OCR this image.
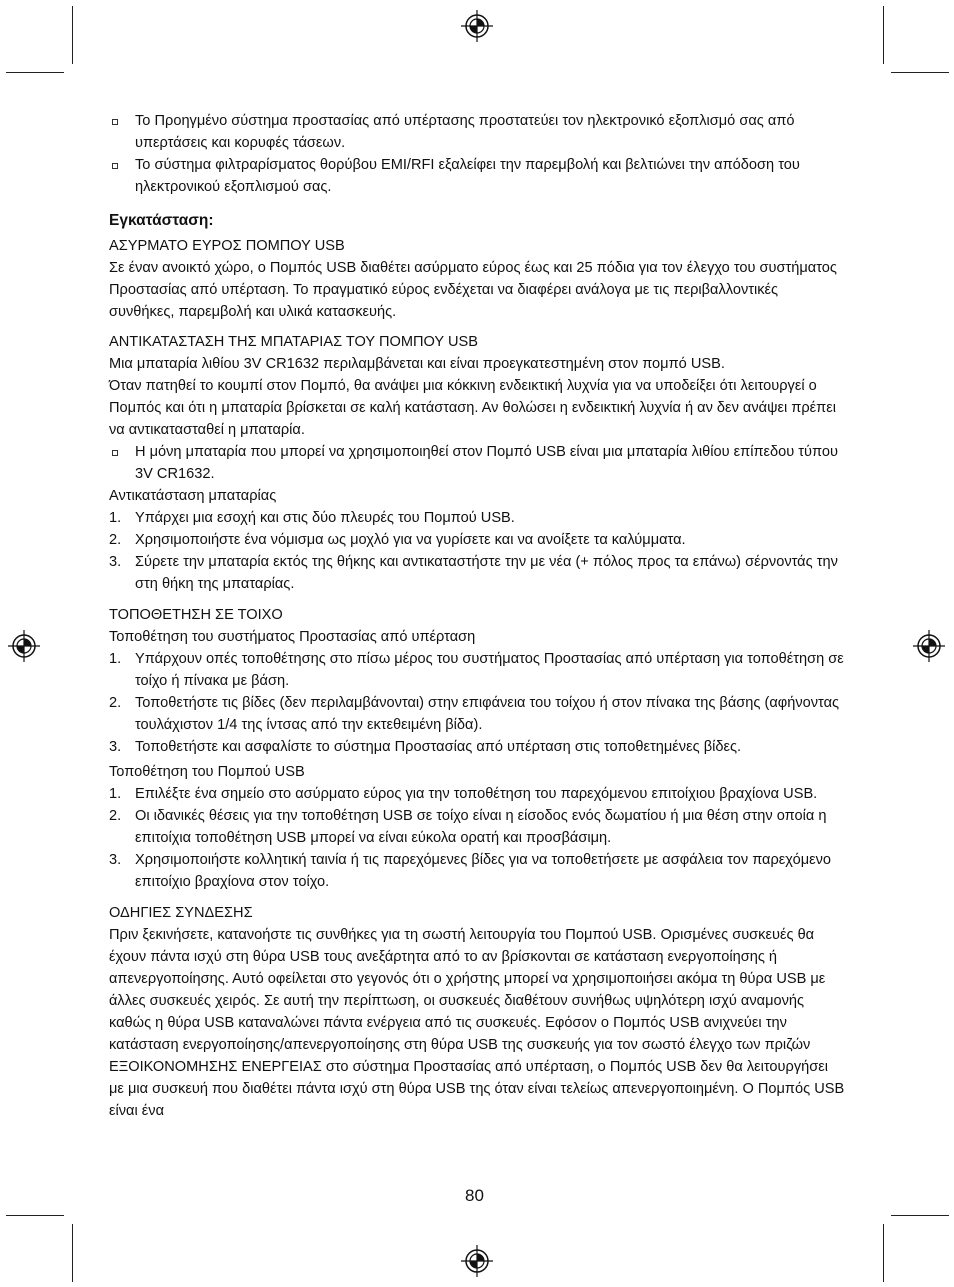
Το Προηγμένο σύστημα προστασίας από υπέρτασης προστατεύει τον ηλεκτρονικό εξοπλισμό σας από υπερτάσεις και κορυφές τάσεων.
Το σύστημα φιλτραρίσματος θορύβου EMI/RFI εξαλείφει την παρεμβολή και βελτιώνει την απόδοση του ηλεκτρονικού εξοπλισμού σας.
Εγκατάσταση:

ΑΣΥΡΜΑΤΟ ΕΥΡΟΣ ΠΟΜΠΟΥ USB

Σε έναν ανοικτό χώρο, ο Πομπός USB διαθέτει ασύρματο εύρος έως και 25 πόδια για τον έλεγχο του συστήματος Προστασίας από υπέρταση. Το πραγματικό εύρος ενδέχεται να διαφέρει ανάλογα με τις περιβαλλοντικές συνθήκες, παρεμβολή και υλικά κατασκευής.

ΑΝΤΙΚΑΤΑΣΤΑΣΗ ΤΗΣ ΜΠΑΤΑΡΙΑΣ ΤΟΥ ΠΟΜΠΟΥ USB

Μια μπαταρία λιθίου 3V CR1632 περιλαμβάνεται και είναι προεγκατεστημένη στον πομπό USB.

Όταν πατηθεί το κουμπί στον Πομπό, θα ανάψει μια κόκκινη ενδεικτική λυχνία για να υποδείξει ότι λειτουργεί ο Πομπός και ότι η μπαταρία βρίσκεται σε καλή κατάσταση. Αν θολώσει η ενδεικτική λυχνία ή αν δεν ανάψει πρέπει να αντικατασταθεί η μπαταρία.

Η μόνη μπαταρία που μπορεί να χρησιμοποιηθεί στον Πομπό USB είναι μια μπαταρία λιθίου επίπεδου τύπου 3V CR1632.

Αντικατάσταση μπαταρίας

1. Υπάρχει μια εσοχή και στις δύο πλευρές του Πομπού USB.
2. Χρησιμοποιήστε ένα νόμισμα ως μοχλό για να γυρίσετε και να ανοίξετε τα καλύμματα.
3. Σύρετε την μπαταρία εκτός της θήκης και αντικαταστήστε την με νέα (+ πόλος προς τα επάνω) σέρνοντάς την στη θήκη της μπαταρίας.

ΤΟΠΟΘΕΤΗΣΗ ΣΕ ΤΟΙΧΟ

Τοποθέτηση του συστήματος Προστασίας από υπέρταση

1. Υπάρχουν οπές τοποθέτησης στο πίσω μέρος του συστήματος Προστασίας από υπέρταση για τοποθέτηση σε τοίχο ή πίνακα με βάση.
2. Τοποθετήστε τις βίδες (δεν περιλαμβάνονται) στην επιφάνεια του τοίχου ή στον πίνακα της βάσης (αφήνοντας τουλάχιστον 1/4 της ίντσας από την εκτεθειμένη βίδα).
3. Τοποθετήστε και ασφαλίστε το σύστημα Προστασίας από υπέρταση στις τοποθετημένες βίδες.

Τοποθέτηση του Πομπού USB

1. Επιλέξτε ένα σημείο στο ασύρματο εύρος για την τοποθέτηση του παρεχόμενου επιτοίχιου βραχίονα USB.
2. Οι ιδανικές θέσεις για την τοποθέτηση USB σε τοίχο είναι η είσοδος ενός δωματίου ή μια θέση στην οποία η επιτοίχια τοποθέτηση USB μπορεί να είναι εύκολα ορατή και προσβάσιμη.
3. Χρησιμοποιήστε κολλητική ταινία ή τις παρεχόμενες βίδες για να τοποθετήσετε με ασφάλεια τον παρεχόμενο επιτοίχιο βραχίονα στον τοίχο.

ΟΔΗΓΙΕΣ ΣΥΝΔΕΣΗΣ

Πριν ξεκινήσετε, κατανοήστε τις συνθήκες για τη σωστή λειτουργία του Πομπού USB. Ορισμένες συσκευές θα έχουν πάντα ισχύ στη θύρα USB τους ανεξάρτητα από το αν βρίσκονται σε κατάσταση ενεργοποίησης ή απενεργοποίησης. Αυτό οφείλεται στο γεγονός ότι ο χρήστης μπορεί να χρησιμοποιήσει ακόμα τη θύρα USB με άλλες συσκευές χειρός. Σε αυτή την περίπτωση, οι συσκευές διαθέτουν συνήθως υψηλότερη ισχύ αναμονής καθώς η θύρα USB καταναλώνει πάντα ενέργεια από τις συσκευές. Εφόσον ο Πομπός USB ανιχνεύει την κατάσταση ενεργοποίησης/απενεργοποίησης στη θύρα USB της συσκευής για τον σωστό έλεγχο των πριζών ΕΞΟΙΚΟΝΟΜΗΣΗΣ ΕΝΕΡΓΕΙΑΣ στο σύστημα Προστασίας από υπέρταση, ο Πομπός USB δεν θα λειτουργήσει με μια συσκευή που διαθέτει πάντα ισχύ στη θύρα USB της όταν είναι τελείως απενεργοποιημένη. Ο Πομπός USB είναι ένα

80
